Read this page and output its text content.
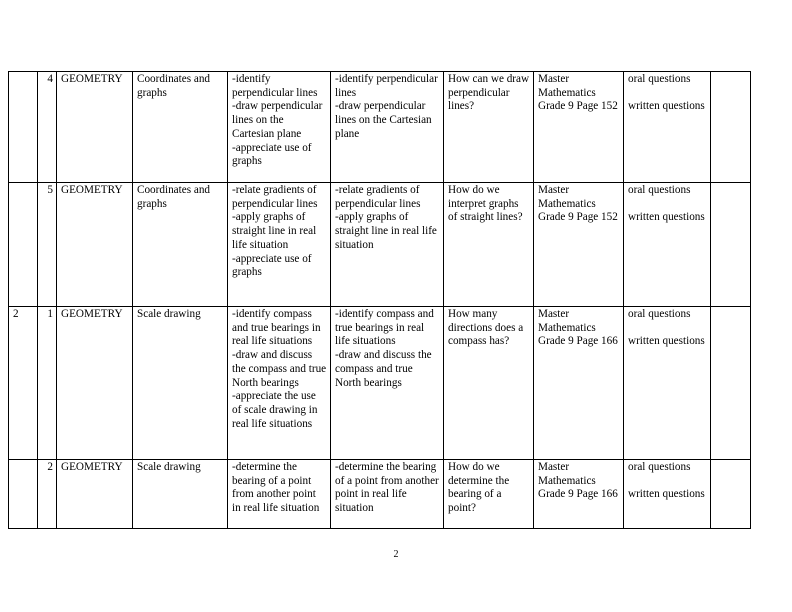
	4	GEOMETRY	Coordinates and graphs	-identify perpendicular lines
-draw perpendicular lines on the Cartesian plane
-appreciate use of graphs	-identify perpendicular lines
-draw perpendicular lines on the Cartesian plane	How can we draw perpendicular lines?	Master Mathematics Grade 9 Page 152	oral questions
written questions	

	5	GEOMETRY	Coordinates and graphs	-relate gradients of perpendicular lines
-apply graphs of straight line in real life situation
-appreciate use of graphs	-relate gradients of perpendicular lines
-apply graphs of straight line in real life situation	How do we interpret graphs of straight lines?	Master Mathematics Grade 9 Page 152	oral questions
written questions	

2	1	GEOMETRY	Scale drawing	-identify compass and true bearings in real life situations
-draw and discuss the compass and true North bearings
-appreciate the use of scale drawing in real life situations	-identify compass and true bearings in real life situations
-draw and discuss the compass and true North bearings	How many directions does a compass has?	Master Mathematics Grade 9 Page 166	oral questions
written questions	

	2	GEOMETRY	Scale drawing	-determine the bearing of a point from another point in real life situation	-determine the bearing of a point from another point in real life situation	How do we determine the bearing of a point?	Master Mathematics Grade 9 Page 166	oral questions
written questions	

2
